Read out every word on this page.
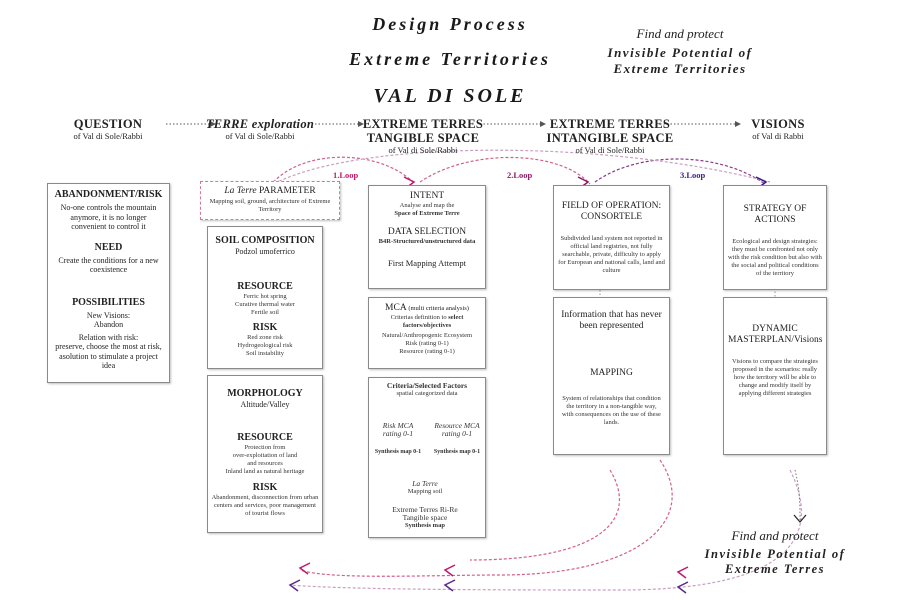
Design Process
Extreme Territories
VAL DI SOLE
Find and protect
Invisible Potential of
Extreme Territories
QUESTION
of Val di Sole/Rabbi
TERRE exploration
of Val di Sole/Rabbi
EXTREME TERRES
TANGIBLE SPACE
of Val di Sole/Rabbi
EXTREME TERRES
INTANGIBLE SPACE
of Val di Sole/Rabbi
VISIONS
of Val di Rabbi
1.Loop	2.Loop	3.Loop
ABANDONMENT/RISK
No-one controls the mountain anymore, it is no longer convenient to control it
NEED
Create the conditions for a new coexistence
POSSIBILITIES
New Visions:
Abandon
Relation with risk:
preserve, choose the most at risk, asolution to stimulate a project idea
La Terre PARAMETER
Mapping soil, ground, architecture of Extreme Territory
SOIL COMPOSITION
Podzol umoferrico
RESOURCE
Ferric hot spring
Curative thermal water
Fertile soil
RISK
Red zone risk
Hydrogeological risk
Soil instability
MORPHOLOGY
Altitude/Valley
RESOURCE
Protection from
over-exploitation of land
and resources
Inland land as natural heritage
RISK
Abandonment, disconnection from urban centers and services, poor management of tourist flows
INTENT
Analyse and map the
Space of Extreme Terre
DATA SELECTION
B4R-Structured/unstructured data
First Mapping Attempt
MCA (multi criteria analysis)
Criterias definition to select
factors/objectives
Natural/Anthropogenic Ecosystem
Risk (rating 0-1)
Resource (rating 0-1)
Criteria/Selected Factors
spatial categorized data
Risk MCA
rating 0-1
Synthesis map 0-1
Resource MCA
rating 0-1
Synthesis map 0-1
La Terre
Mapping soil
Extreme Terres Ri-Re
Tangible space
Synthesis map
FIELD OF OPERATION:
CONSORTELE
Subdivided land system not reported in official land registries, not fully searchable, private, difficulty to apply for European and national calls, land and culture
Information that has never been represented
MAPPING
System of relationships that condition the territory in a non-tangible way, with consequences on the use of these lands.
STRATEGY OF
ACTIONS
Ecological and design strategies: they must be confronted not only with the risk condition but also with the social and political conditions of the territory
DYNAMIC
MASTERPLAN/Visions
Visions to compare the strategies proposed in the scenarios: really how the territory will be able to change and modify itself by applying different strategies
Find and protect
Invisible Potential of
Extreme Terres
